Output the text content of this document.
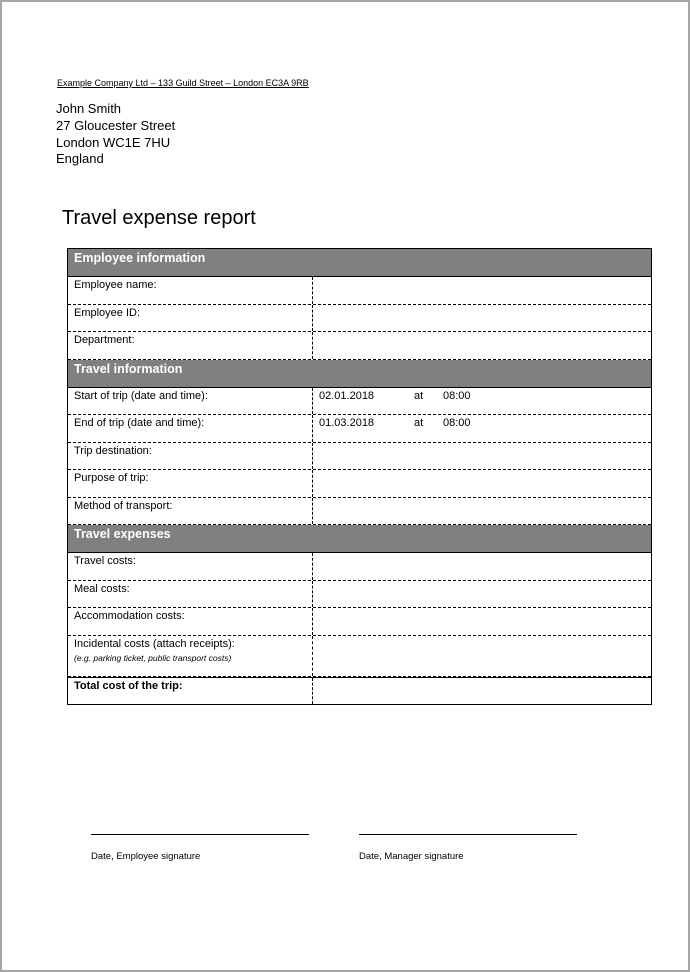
Example Company Ltd – 133 Guild Street – London EC3A 9RB
John Smith
27 Gloucester Street
London WC1E 7HU
England
Travel expense report
Employee information
Employee name:
Employee ID:
Department:
Travel information
Start of trip (date and time):	02.01.2018	at 08:00
End of trip (date and time):	01.03.2018	at 08:00
Trip destination:
Purpose of trip:
Method of transport:
Travel expenses
Travel costs:
Meal costs:
Accommodation costs:
Incidental costs (attach receipts):
(e.g. parking ticket, public transport costs)
Total cost of the trip:
Date, Employee signature	Date, Manager signature
